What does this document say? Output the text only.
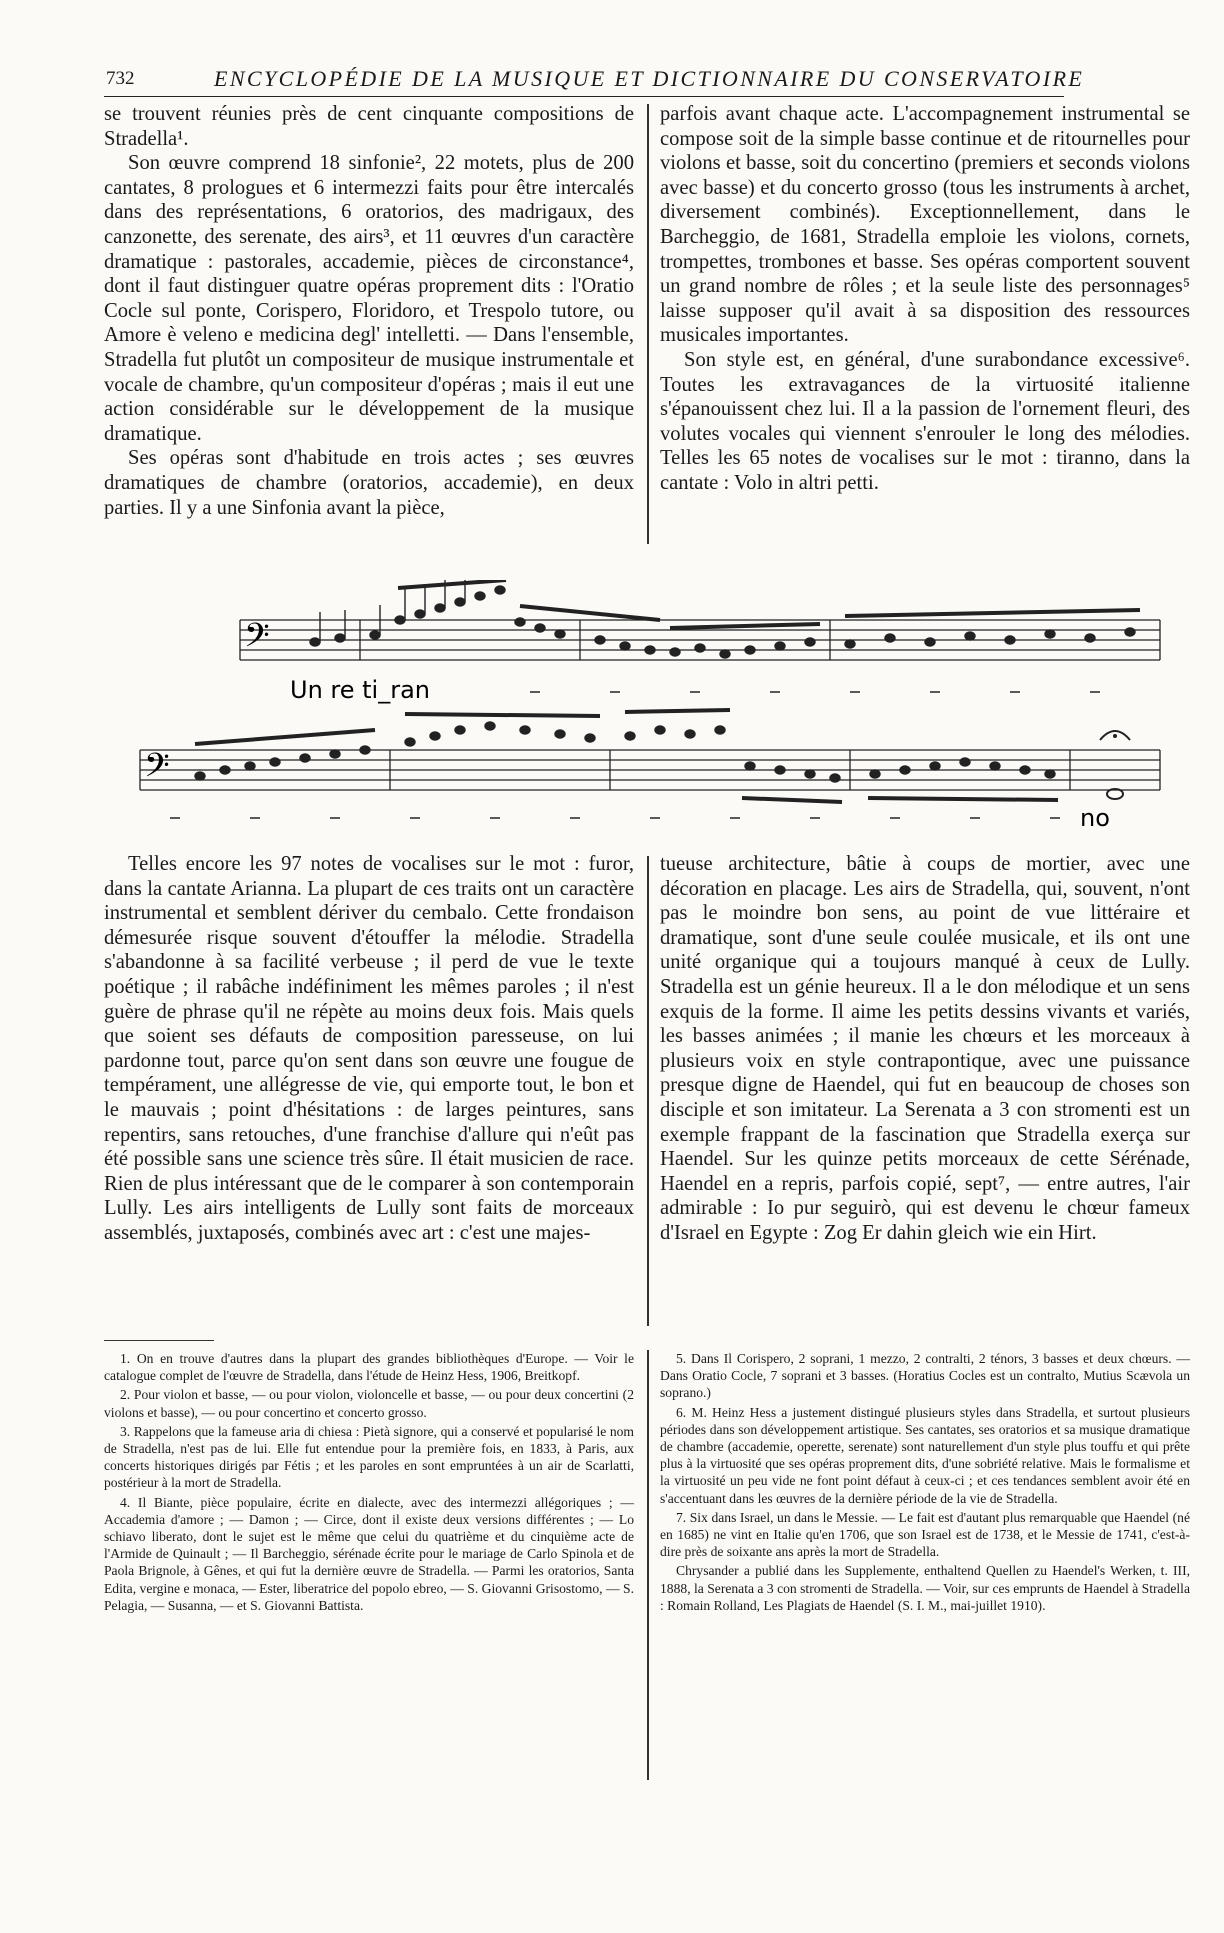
732	ENCYCLOPÉDIE DE LA MUSIQUE ET DICTIONNAIRE DU CONSERVATOIRE

se trouvent réunies près de cent cinquante compositions de Stradella¹.

Son œuvre comprend 18 sinfonie², 22 motets, plus de 200 cantates, 8 prologues et 6 intermezzi faits pour être intercalés dans des représentations, 6 oratorios, des madrigaux, des canzonette, des serenate, des airs³, et 11 œuvres d'un caractère dramatique : pastorales, accademie, pièces de circonstance⁴, dont il faut distinguer quatre opéras proprement dits : l'Oratio Cocle sul ponte, Corispero, Floridoro, et Trespolo tutore, ou Amore è veleno e medicina degl' intelletti. — Dans l'ensemble, Stradella fut plutôt un compositeur de musique instrumentale et vocale de chambre, qu'un compositeur d'opéras ; mais il eut une action considérable sur le développement de la musique dramatique.

Ses opéras sont d'habitude en trois actes ; ses œuvres dramatiques de chambre (oratorios, accademie), en deux parties. Il y a une Sinfonia avant la pièce,

parfois avant chaque acte. L'accompagnement instrumental se compose soit de la simple basse continue et de ritournelles pour violons et basse, soit du concertino (premiers et seconds violons avec basse) et du concerto grosso (tous les instruments à archet, diversement combinés). Exceptionnellement, dans le Barcheggio, de 1681, Stradella emploie les violons, cornets, trompettes, trombones et basse. Ses opéras comportent souvent un grand nombre de rôles ; et la seule liste des personnages⁵ laisse supposer qu'il avait à sa disposition des ressources musicales importantes.

Son style est, en général, d'une surabondance excessive⁶. Toutes les extravagances de la virtuosité italienne s'épanouissent chez lui. Il a la passion de l'ornement fleuri, des volutes vocales qui viennent s'enrouler le long des mélodies. Telles les 65 notes de vocalises sur le mot : tiranno, dans la cantate : Volo in altri petti.

𝄢
Un re ti_ran
𝄢
no

Telles encore les 97 notes de vocalises sur le mot : furor, dans la cantate Arianna. La plupart de ces traits ont un caractère instrumental et semblent dériver du cembalo. Cette frondaison démesurée risque souvent d'étouffer la mélodie. Stradella s'abandonne à sa facilité verbeuse ; il perd de vue le texte poétique ; il rabâche indéfiniment les mêmes paroles ; il n'est guère de phrase qu'il ne répète au moins deux fois. Mais quels que soient ses défauts de composition paresseuse, on lui pardonne tout, parce qu'on sent dans son œuvre une fougue de tempérament, une allégresse de vie, qui emporte tout, le bon et le mauvais ; point d'hésitations : de larges peintures, sans repentirs, sans retouches, d'une franchise d'allure qui n'eût pas été possible sans une science très sûre. Il était musicien de race. Rien de plus intéressant que de le comparer à son contemporain Lully. Les airs intelligents de Lully sont faits de morceaux assemblés, juxtaposés, combinés avec art : c'est une majes-

tueuse architecture, bâtie à coups de mortier, avec une décoration en placage. Les airs de Stradella, qui, souvent, n'ont pas le moindre bon sens, au point de vue littéraire et dramatique, sont d'une seule coulée musicale, et ils ont une unité organique qui a toujours manqué à ceux de Lully. Stradella est un génie heureux. Il a le don mélodique et un sens exquis de la forme. Il aime les petits dessins vivants et variés, les basses animées ; il manie les chœurs et les morceaux à plusieurs voix en style contrapontique, avec une puissance presque digne de Haendel, qui fut en beaucoup de choses son disciple et son imitateur. La Serenata a 3 con stromenti est un exemple frappant de la fascination que Stradella exerça sur Haendel. Sur les quinze petits morceaux de cette Sérénade, Haendel en a repris, parfois copié, sept⁷, — entre autres, l'air admirable : Io pur seguirò, qui est devenu le chœur fameux d'Israel en Egypte : Zog Er dahin gleich wie ein Hirt.

1. On en trouve d'autres dans la plupart des grandes bibliothèques d'Europe. — Voir le catalogue complet de l'œuvre de Stradella, dans l'étude de Heinz Hess, 1906, Breitkopf.

2. Pour violon et basse, — ou pour violon, violoncelle et basse, — ou pour deux concertini (2 violons et basse), — ou pour concertino et concerto grosso.

3. Rappelons que la fameuse aria di chiesa : Pietà signore, qui a conservé et popularisé le nom de Stradella, n'est pas de lui. Elle fut entendue pour la première fois, en 1833, à Paris, aux concerts historiques dirigés par Fétis ; et les paroles en sont empruntées à un air de Scarlatti, postérieur à la mort de Stradella.

4. Il Biante, pièce populaire, écrite en dialecte, avec des intermezzi allégoriques ; — Accademia d'amore ; — Damon ; — Circe, dont il existe deux versions différentes ; — Lo schiavo liberato, dont le sujet est le même que celui du quatrième et du cinquième acte de l'Armide de Quinault ; — Il Barcheggio, sérénade écrite pour le mariage de Carlo Spinola et de Paola Brignole, à Gênes, et qui fut la dernière œuvre de Stradella. — Parmi les oratorios, Santa Edita, vergine e monaca, — Ester, liberatrice del popolo ebreo, — S. Giovanni Grisostomo, — S. Pelagia, — Susanna, — et S. Giovanni Battista.

5. Dans Il Corispero, 2 soprani, 1 mezzo, 2 contralti, 2 ténors, 3 basses et deux chœurs. — Dans Oratio Cocle, 7 soprani et 3 basses. (Horatius Cocles est un contralto, Mutius Scævola un soprano.)

6. M. Heinz Hess a justement distingué plusieurs styles dans Stradella, et surtout plusieurs périodes dans son développement artistique. Ses cantates, ses oratorios et sa musique dramatique de chambre (accademie, operette, serenate) sont naturellement d'un style plus touffu et qui prête plus à la virtuosité que ses opéras proprement dits, d'une sobriété relative. Mais le formalisme et la virtuosité un peu vide ne font point défaut à ceux-ci ; et ces tendances semblent avoir été en s'accentuant dans les œuvres de la dernière période de la vie de Stradella.

7. Six dans Israel, un dans le Messie. — Le fait est d'autant plus remarquable que Haendel (né en 1685) ne vint en Italie qu'en 1706, que son Israel est de 1738, et le Messie de 1741, c'est-à-dire près de soixante ans après la mort de Stradella.

Chrysander a publié dans les Supplemente, enthaltend Quellen zu Haendel's Werken, t. III, 1888, la Serenata a 3 con stromenti de Stradella. — Voir, sur ces emprunts de Haendel à Stradella : Romain Rolland, Les Plagiats de Haendel (S. I. M., mai-juillet 1910).
